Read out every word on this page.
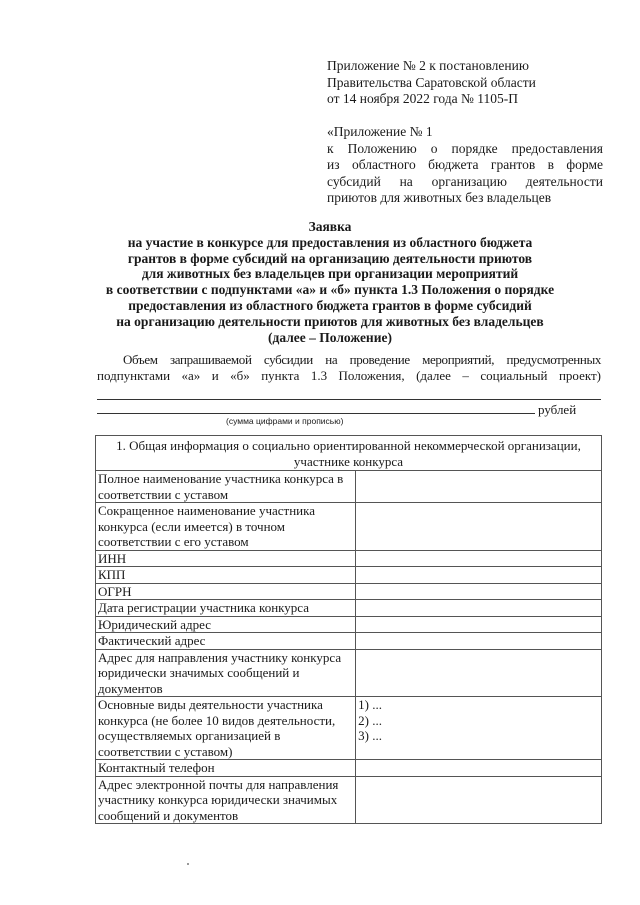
Приложение № 2 к постановлению
Правительства Саратовской области
от 14 ноября 2022 года № 1105-П
«Приложение № 1
к Положению о порядке предоставления
из областного бюджета грантов в форме
субсидий на организацию деятельности
приютов для животных без владельцев
Заявка
на участие в конкурсе для предоставления из областного бюджета
грантов в форме субсидий на организацию деятельности приютов
для животных без владельцев при организации мероприятий
в соответствии с подпунктами «а» и «б» пункта 1.3 Положения о порядке
предоставления из областного бюджета грантов в форме субсидий
на организацию деятельности приютов для животных без владельцев
(далее – Положение)
Объем запрашиваемой субсидии на проведение мероприятий, предусмотренных
подпунктами «а» и «б» пункта 1.3 Положения, (далее – социальный проект)
рублей
(сумма цифрами и прописью)
1. Общая информация о социально ориентированной некоммерческой организации, участнике конкурса	
Полное наименование участника конкурса в соответствии с уставом	
Сокращенное наименование участника конкурса (если имеется) в точном соответствии с его уставом	
ИНН	
КПП	
ОГРН	
Дата регистрации участника конкурса	
Юридический адрес	
Фактический адрес	
Адрес для направления участнику конкурса юридически значимых сообщений и документов	
Основные виды деятельности участника конкурса (не более 10 видов деятельности, осуществляемых организацией в соответствии с уставом)	1) ...
2) ...
3) ...

Контактный телефон	
Адрес электронной почты для направления участнику конкурса юридически значимых сообщений и документов	
